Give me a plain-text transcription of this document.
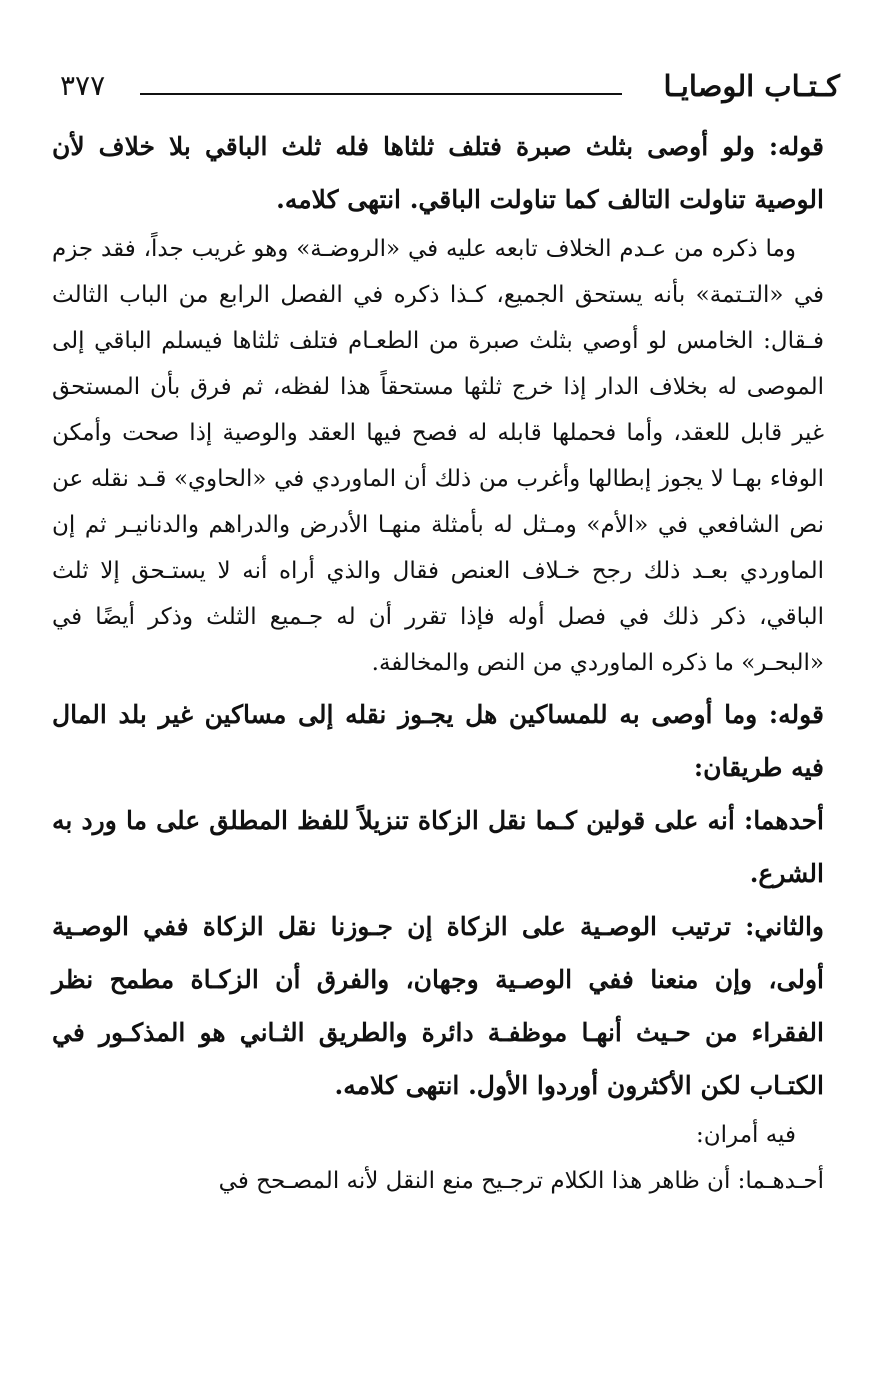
كـتـاب الوصايـا
٣٧٧

قوله: ولو أوصى بثلث صبرة فتلف ثلثاها فله ثلث الباقي بلا خلاف لأن الوصية تناولت التالف كما تناولت الباقي. انتهى كلامه.

وما ذكره من عـدم الخلاف تابعه عليه في «الروضـة» وهو غريب جداً، فقد جزم في «التـتمة» بأنه يستحق الجميع، كـذا ذكره في الفصل الرابع من الباب الثالث فـقال: الخامس لو أوصي بثلث صبرة من الطعـام فتلف ثلثاها فيسلم الباقي إلى الموصى له بخلاف الدار إذا خرج ثلثها مستحقاً هذا لفظه، ثم فرق بأن المستحق غير قابل للعقد، وأما فحملها قابله له فصح فيها العقد والوصية إذا صحت وأمكن الوفاء بهـا لا يجوز إبطالها وأغرب من ذلك أن الماوردي في «الحاوي» قـد نقله عن نص الشافعي في «الأم» ومـثل له بأمثلة منهـا الأدرض والدراهم والدنانيـر ثم إن الماوردي بعـد ذلك رجح خـلاف العنص فقال والذي أراه أنه لا يستـحق إلا ثلث الباقي، ذكر ذلك في فصل أوله فإذا تقرر أن له جـميع الثلث وذكر أيضًا في «البحـر» ما ذكره الماوردي من النص والمخالفة.

قوله: وما أوصى به للمساكين هل يجـوز نقله إلى مساكين غير بلد المال فيه طريقان:

أحدهما: أنه على قولين كـما نقل الزكاة تنزيلاً للفظ المطلق على ما ورد به الشرع.

والثاني: ترتيب الوصـية على الزكاة إن جـوزنا نقل الزكاة ففي الوصـية أولى، وإن منعنا ففي الوصـية وجهان، والفرق أن الزكـاة مطمح نظر الفقراء من حـيث أنهـا موظفـة دائرة والطريق الثـاني هو المذكـور في الكتـاب لكن الأكثرون أوردوا الأول. انتهى كلامه.

فيه أمران:

أحـدهـما: أن ظاهر هذا الكلام ترجـيح منع النقل لأنه المصـحح في
